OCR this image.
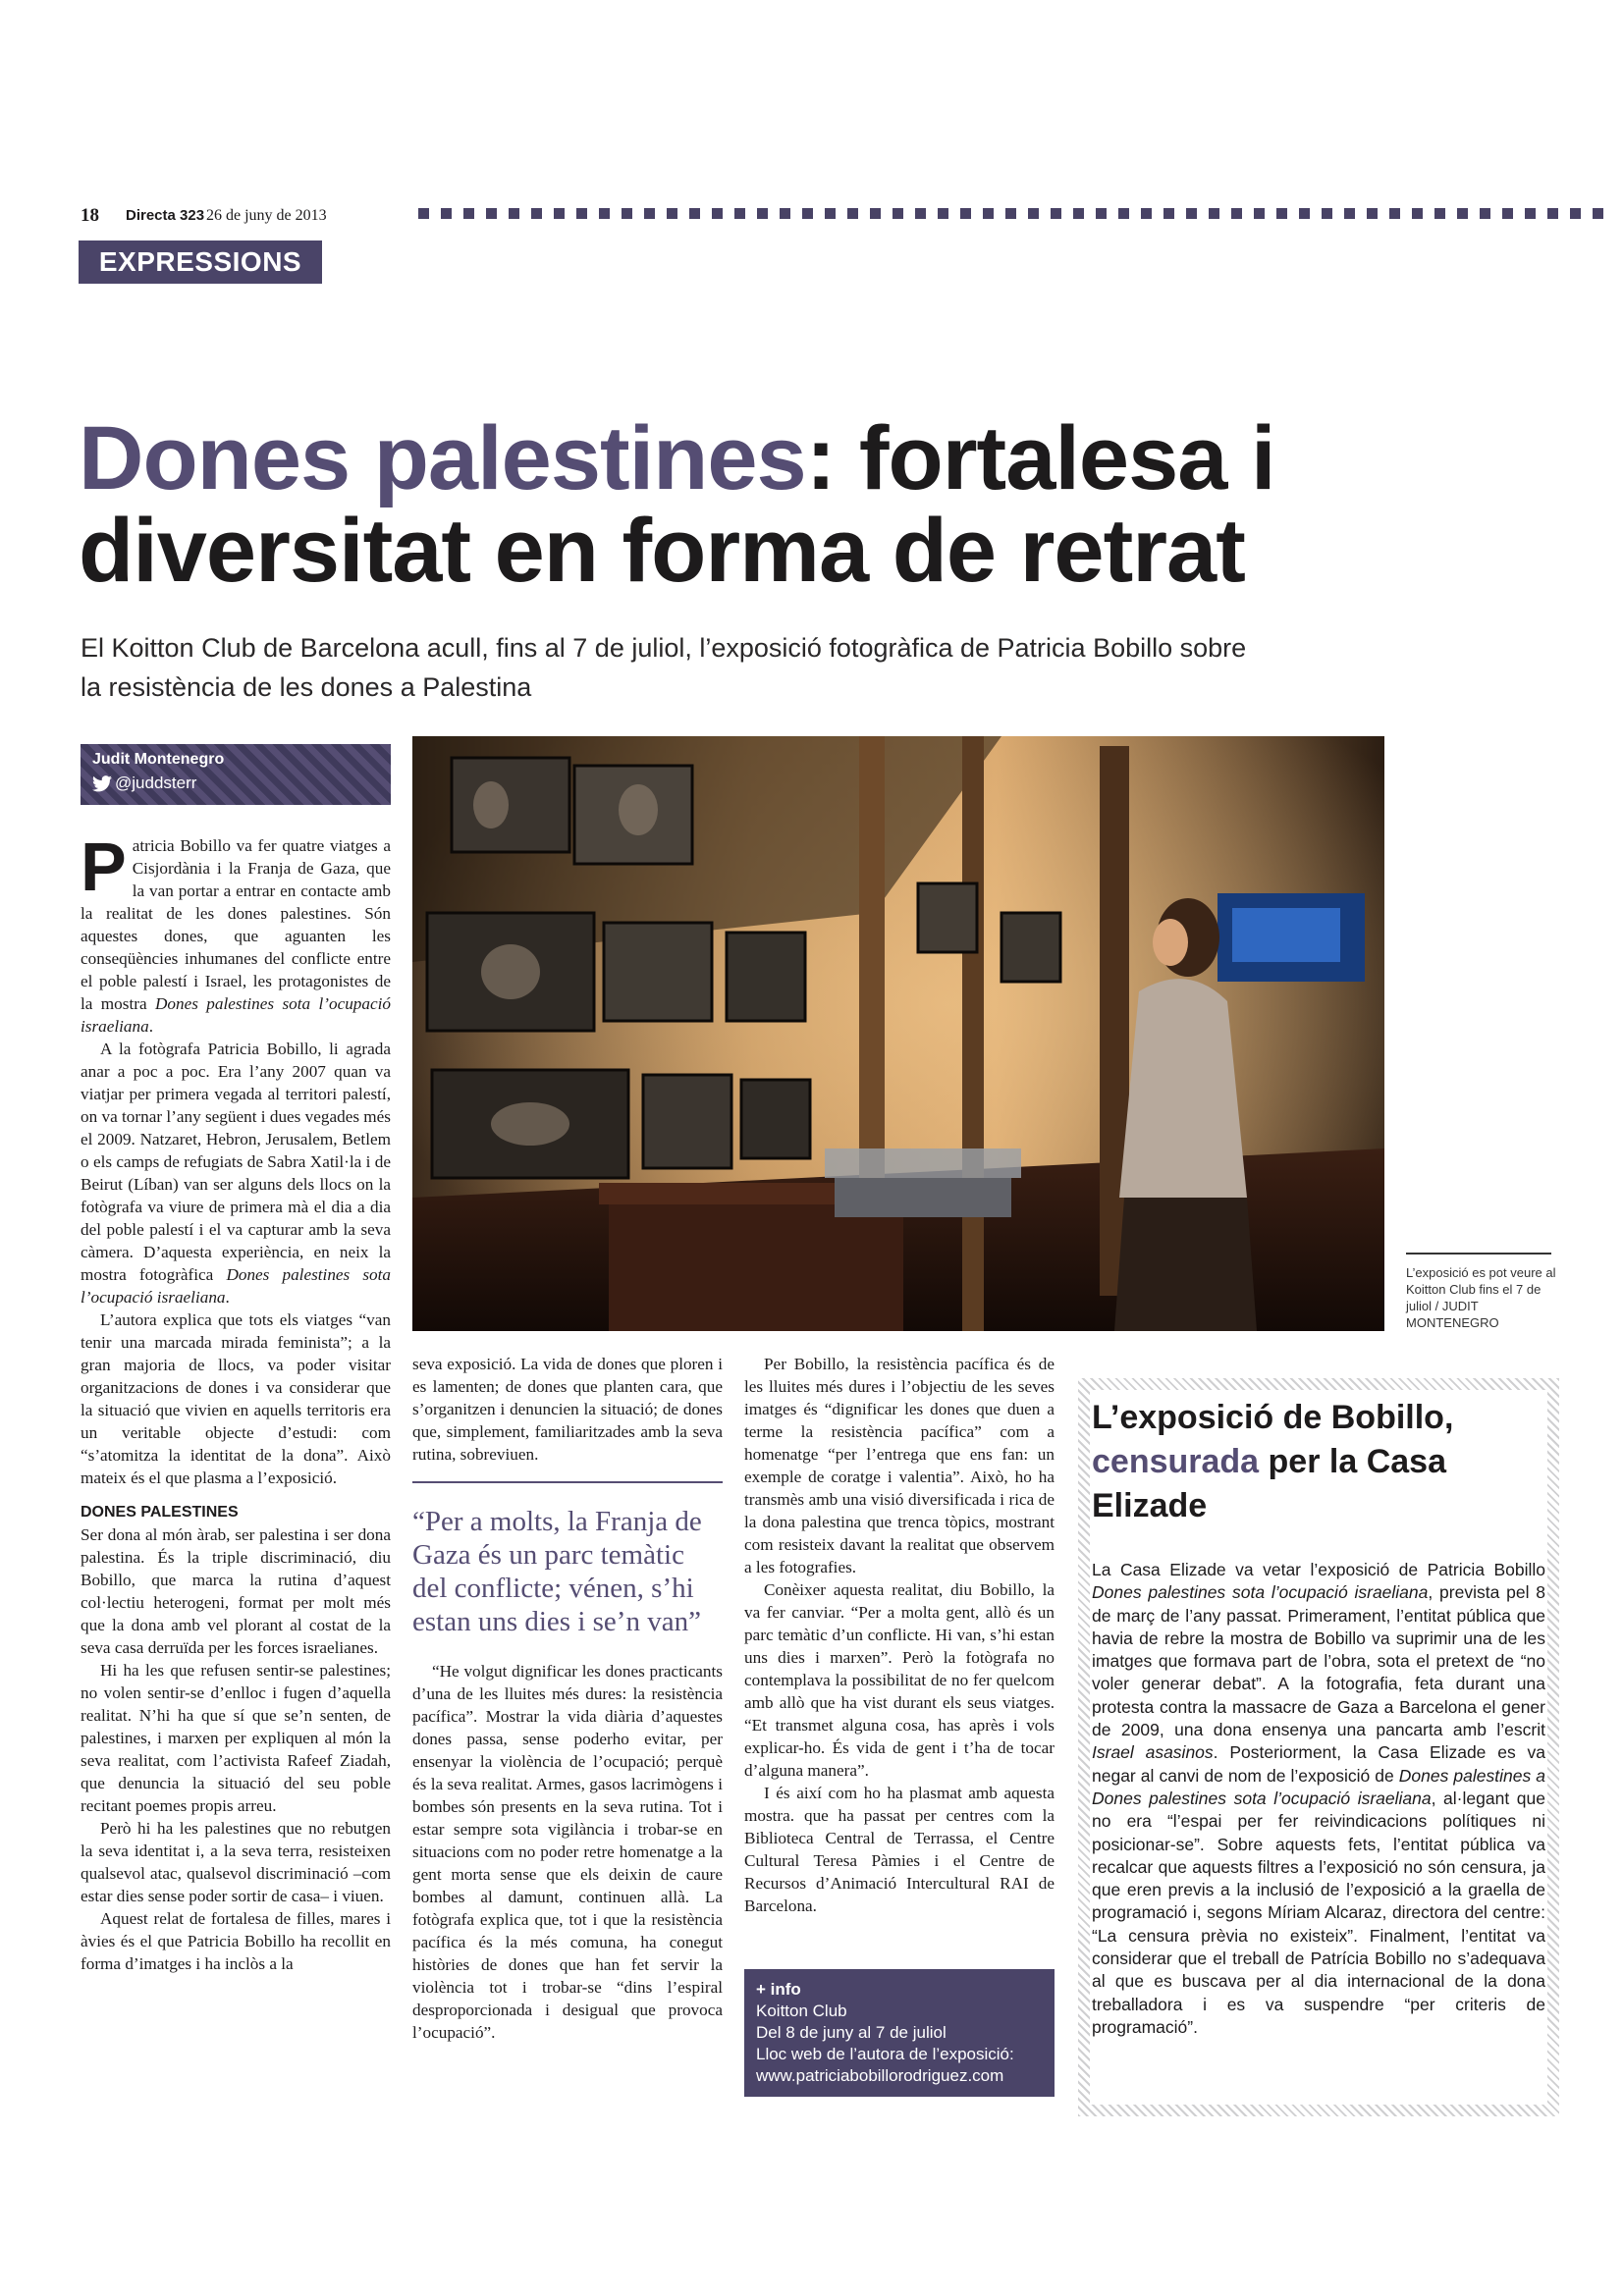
18 Directa 323 26 de juny de 2013
EXPRESSIONS
Dones palestines: fortalesa i diversitat en forma de retrat
El Koitton Club de Barcelona acull, fins al 7 de juliol, l’exposició fotogràfica de Patricia Bobillo sobre la resistència de les dones a Palestina
Judit Montenegro
@juddsterr
L’exposició es pot veure al Koitton Club fins el 7 de juliol / JUDIT MONTENEGRO

Patricia Bobillo va fer quatre viatges a Cisjordània i la Franja de Gaza, que la van portar a entrar en contacte amb la realitat de les dones palestines. Són aquestes dones, que aguanten les conseqüències inhumanes del conflicte entre el poble palestí i Israel, les protagonistes de la mostra Dones palestines sota l’ocupació israeliana.

A la fotògrafa Patricia Bobillo, li agrada anar a poc a poc. Era l’any 2007 quan va viatjar per primera vegada al territori palestí, on va tornar l’any següent i dues vegades més el 2009. Natzaret, Hebron, Jerusalem, Betlem o els camps de refugiats de Sabra Xatil·la i de Beirut (Líban) van ser alguns dels llocs on la fotògrafa va viure de primera mà el dia a dia del poble palestí i el va capturar amb la seva càmera. D’aquesta experiència, en neix la mostra fotogràfica Dones palestines sota l’ocupació israeliana.

L’autora explica que tots els viatges “van tenir una marcada mirada feminista”; a la gran majoria de llocs, va poder visitar organitzacions de dones i va considerar que la situació que vivien en aquells territoris era un veritable objecte d’estudi: com “s’atomitza la identitat de la dona”. Això mateix és el que plasma a l’exposició.

DONES PALESTINES

Ser dona al món àrab, ser palestina i ser dona palestina. És la triple discriminació, diu Bobillo, que marca la rutina d’aquest col·lectiu heterogeni, format per molt més que la dona amb vel plorant al costat de la seva casa derruïda per les forces israelianes.

Hi ha les que refusen sentir-se palestines; no volen sentir-se d’enlloc i fugen d’aquella realitat. N’hi ha que sí que se’n senten, de palestines, i marxen per expliquen al món la seva realitat, com l’activista Rafeef Ziadah, que denuncia la situació del seu poble recitant poemes propis arreu.

Però hi ha les palestines que no rebutgen la seva identitat i, a la seva terra, resisteixen qualsevol atac, qualsevol discriminació –com estar dies sense poder sortir de casa– i viuen.

Aquest relat de fortalesa de filles, mares i àvies és el que Patricia Bobillo ha recollit en forma d’imatges i ha inclòs a la

seva exposició. La vida de dones que ploren i es lamenten; de dones que planten cara, que s’organitzen i denuncien la situació; de dones que, simplement, familiaritzades amb la seva rutina, sobreviuen.

“Per a molts, la Franja de Gaza és un parc temàtic del conflicte; vénen, s’hi estan uns dies i se’n van”

“He volgut dignificar les dones practicants d’una de les lluites més dures: la resistència pacífica”. Mostrar la vida diària d’aquestes dones passa, sense poderho evitar, per ensenyar la violència de l’ocupació; perquè és la seva realitat. Armes, gasos lacrimògens i bombes són presents en la seva rutina. Tot i estar sempre sota vigilància i trobar-se en situacions com no poder retre homenatge a la gent morta sense que els deixin de caure bombes al damunt, continuen allà. La fotògrafa explica que, tot i que la resistència pacífica és la més comuna, ha conegut històries de dones que han fet servir la violència tot i trobar-se “dins l’espiral desproporcionada i desigual que provoca l’ocupació”.

Per Bobillo, la resistència pacífica és de les lluites més dures i l’objectiu de les seves imatges és “dignificar les dones que duen a terme la resistència pacífica” com a homenatge “per l’entrega que ens fan: un exemple de coratge i valentia”. Això, ho ha transmès amb una visió diversificada i rica de la dona palestina que trenca tòpics, mostrant com resisteix davant la realitat que observem a les fotografies.

Conèixer aquesta realitat, diu Bobillo, la va fer canviar. “Per a molta gent, allò és un parc temàtic d’un conflicte. Hi van, s’hi estan uns dies i marxen”. Però la fotògrafa no contemplava la possibilitat de no fer quelcom amb allò que ha vist durant els seus viatges. “Et transmet alguna cosa, has après i vols explicar-ho. És vida de gent i t’ha de tocar d’alguna manera”.

I és així com ho ha plasmat amb aquesta mostra. que ha passat per centres com la Biblioteca Central de Terrassa, el Centre Cultural Teresa Pàmies i el Centre de Recursos d’Animació Intercultural RAI de Barcelona.

+ info
Koitton Club
Del 8 de juny al 7 de juliol
Lloc web de l’autora de l’exposició:
www.patriciabobillorodriguez.com
L’exposició de Bobillo, censurada per la Casa Elizade
La Casa Elizade va vetar l’exposició de Patricia Bobillo Dones palestines sota l’ocupació israeliana, prevista pel 8 de març de l’any passat. Primerament, l’entitat pública que havia de rebre la mostra de Bobillo va suprimir una de les imatges que formava part de l’obra, sota el pretext de “no voler generar debat”. A la fotografia, feta durant una protesta contra la massacre de Gaza a Barcelona el gener de 2009, una dona ensenya una pancarta amb l’escrit Israel asasinos. Posteriorment, la Casa Elizade es va negar al canvi de nom de l’exposició de Dones palestines a Dones palestines sota l’ocupació israeliana, al·legant que no era “l’espai per fer reivindicacions polítiques ni posicionar-se”. Sobre aquests fets, l’entitat pública va recalcar que aquests filtres a l’exposició no són censura, ja que eren previs a la inclusió de l’exposició a la graella de programació i, segons Míriam Alcaraz, directora del centre: “La censura prèvia no existeix”. Finalment, l’entitat va considerar que el treball de Patrícia Bobillo no s’adequava al que es buscava per al dia internacional de la dona treballadora i es va suspendre “per criteris de programació”.
